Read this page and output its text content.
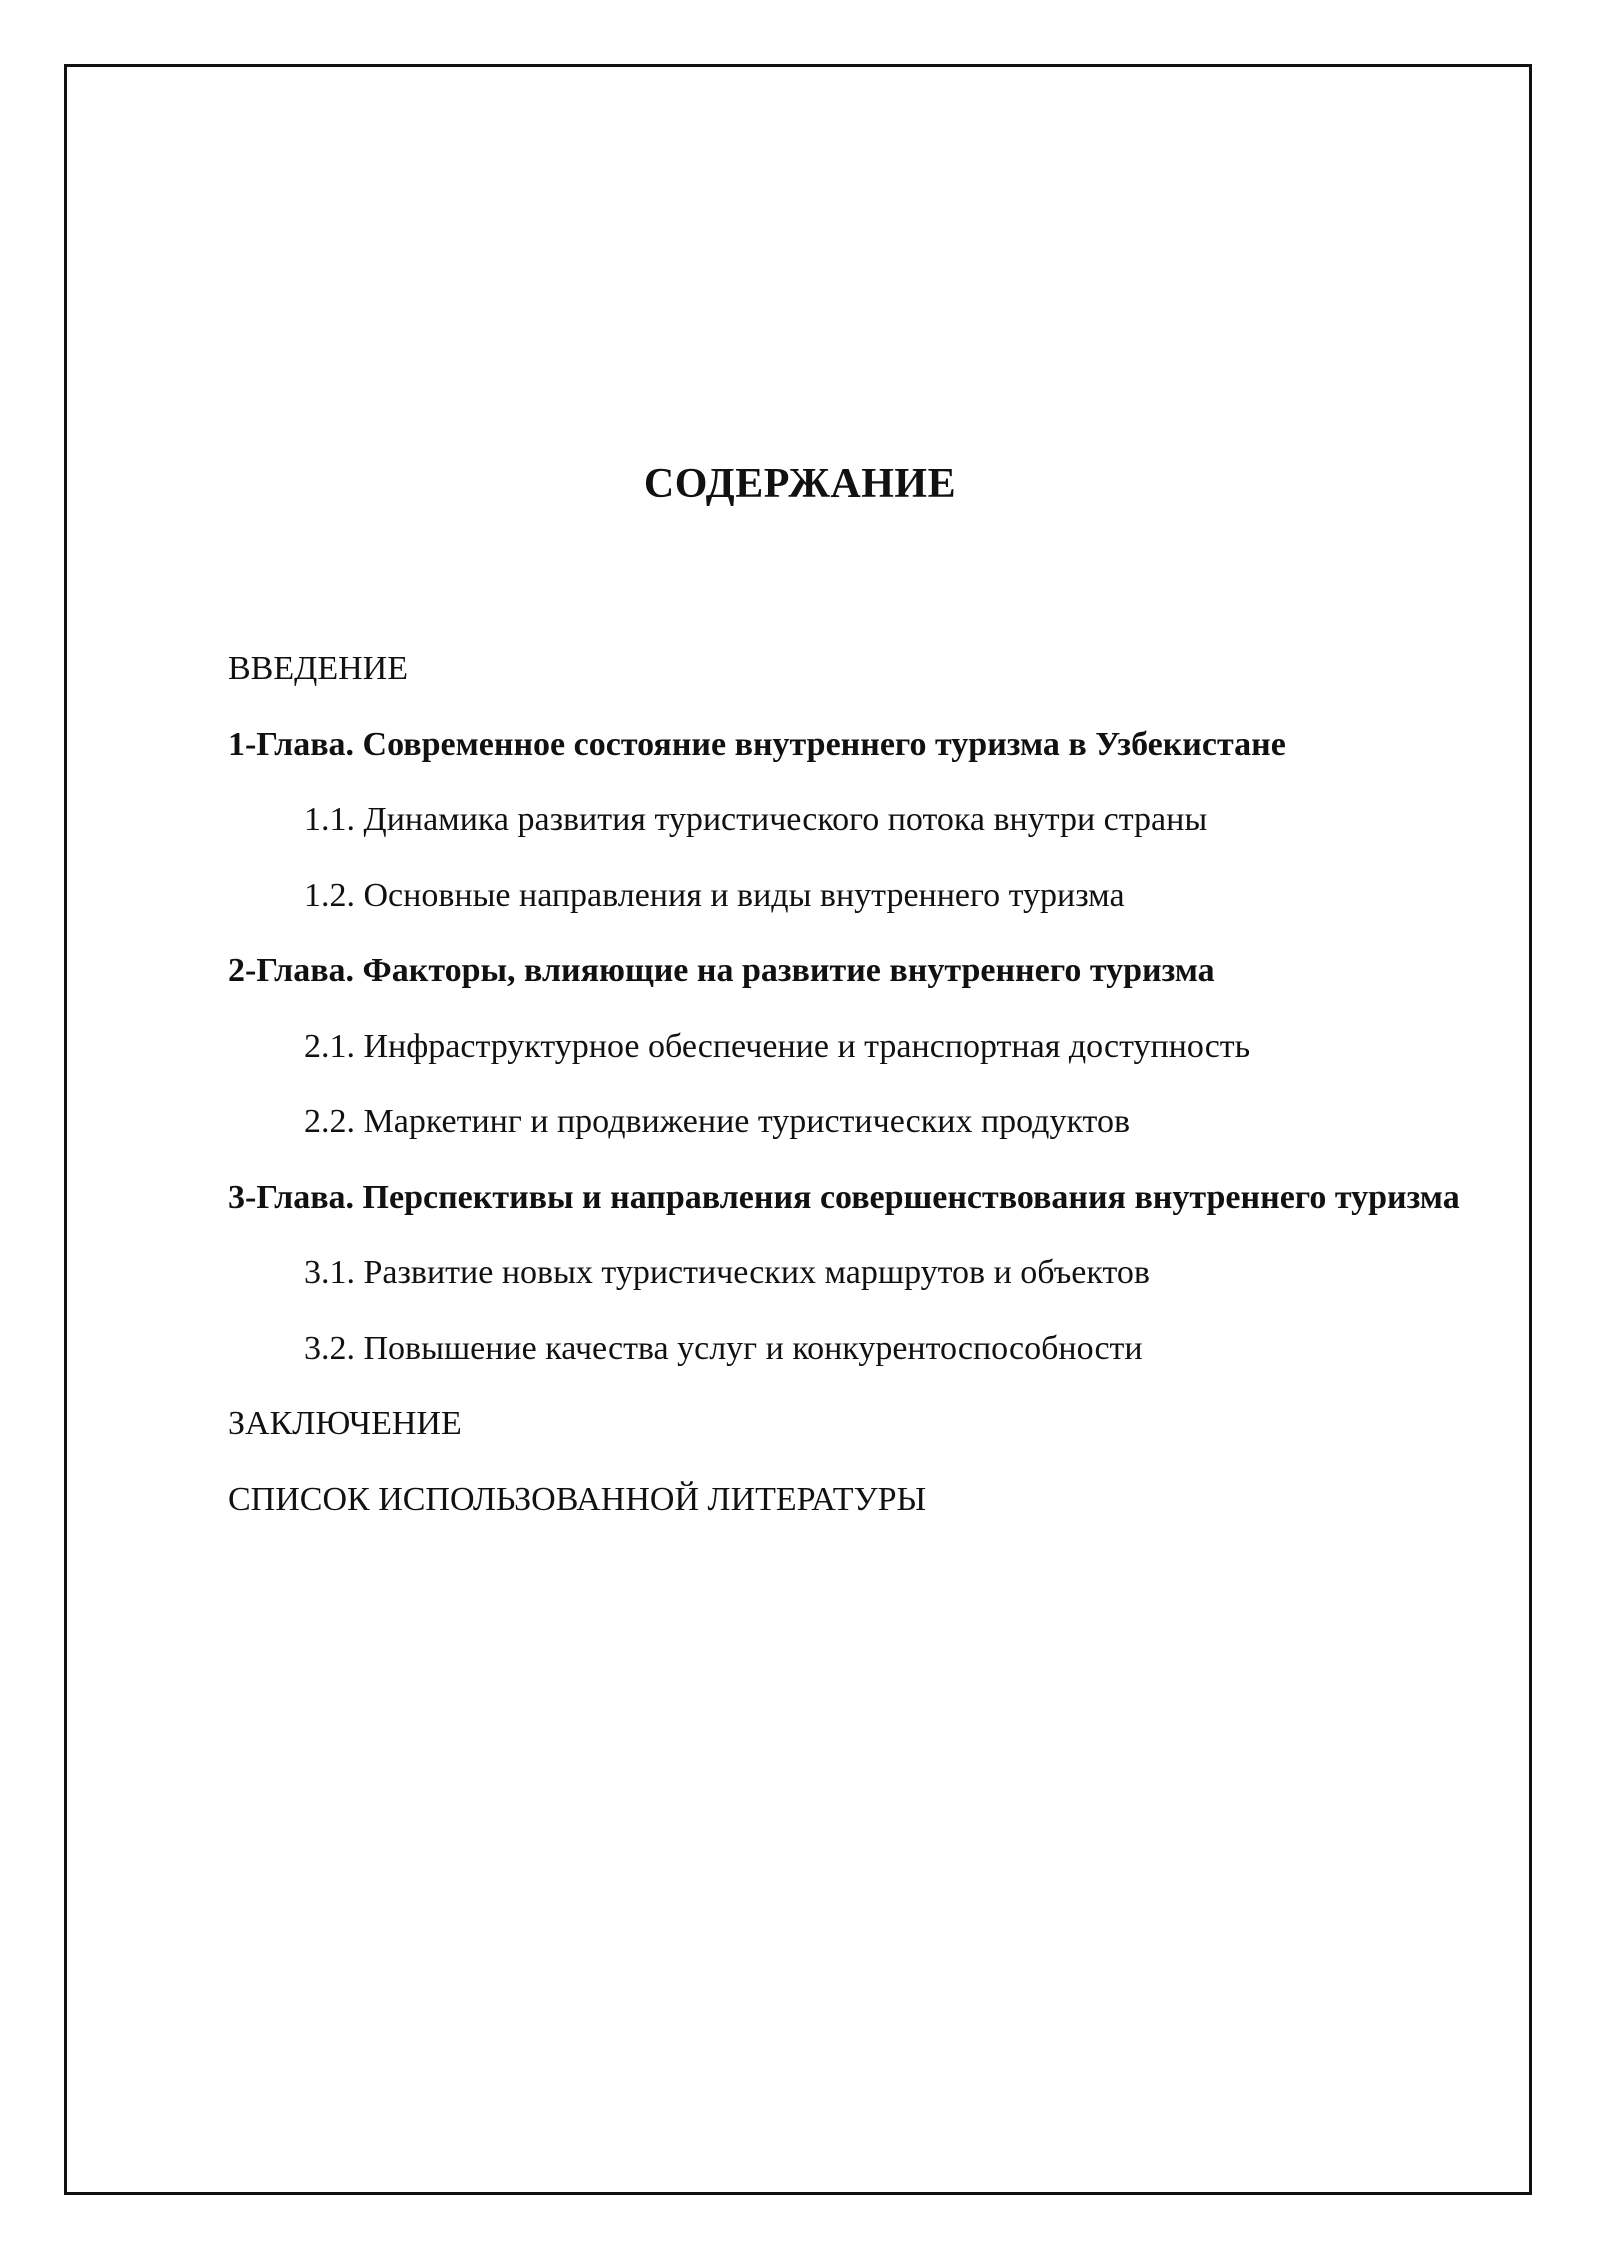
СОДЕРЖАНИЕ
ВВЕДЕНИЕ
1-Глава. Современное состояние внутреннего туризма в Узбекистане
1.1. Динамика развития туристического потока внутри страны
1.2. Основные направления и виды внутреннего туризма
2-Глава. Факторы, влияющие на развитие внутреннего туризма
2.1. Инфраструктурное обеспечение и транспортная доступность
2.2. Маркетинг и продвижение туристических продуктов
3-Глава. Перспективы и направления совершенствования внутреннего туризма
3.1. Развитие новых туристических маршрутов и объектов
3.2. Повышение качества услуг и конкурентоспособности
ЗАКЛЮЧЕНИЕ
СПИСОК ИСПОЛЬЗОВАННОЙ ЛИТЕРАТУРЫ
